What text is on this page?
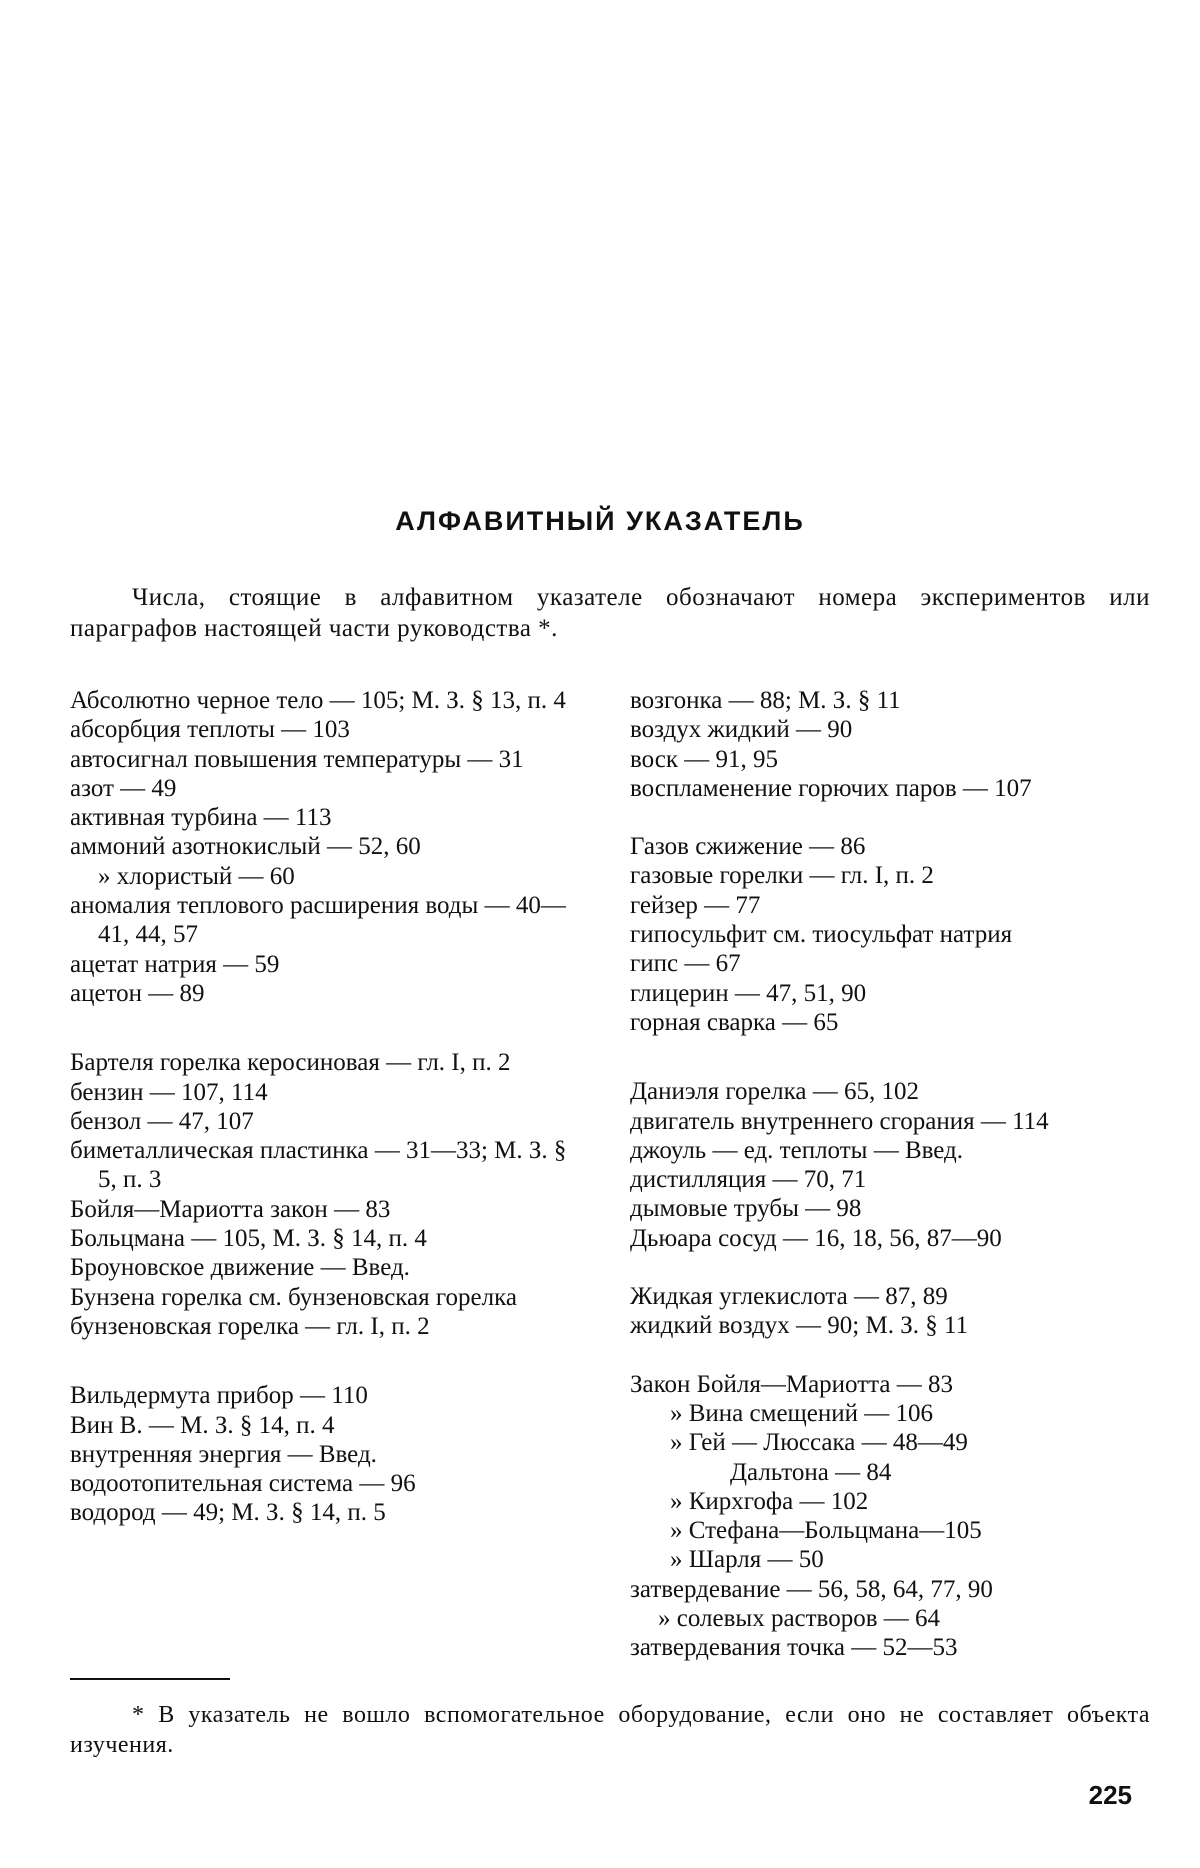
АЛФАВИТНЫЙ УКАЗАТЕЛЬ
Числа, стоящие в алфавитном указателе обозначают номера экспериментов или параграфов настоящей части руководства *.
Абсолютно черное тело — 105; М. З. § 13, п. 4
абсорбция теплоты — 103
автосигнал повышения температуры — 31
азот — 49
активная турбина — 113
аммоний азотнокислый — 52, 60
» хлористый — 60
аномалия теплового расширения воды — 40—41, 44, 57
ацетат натрия — 59
ацетон — 89
Бартеля горелка керосиновая — гл. I, п. 2
бензин — 107, 114
бензол — 47, 107
биметаллическая пластинка — 31—33; М. З. § 5, п. 3
Бойля—Мариотта закон — 83
Больцмана — 105, М. З. § 14, п. 4
Броуновское движение — Введ.
Бунзена горелка см. бунзеновская горелка
бунзеновская горелка — гл. I, п. 2
Вильдермута прибор — 110
Вин В. — М. З. § 14, п. 4
внутренняя энергия — Введ.
водоотопительная система — 96
водород — 49; М. З. § 14, п. 5
возгонка — 88; М. З. § 11
воздух жидкий — 90
воск — 91, 95
воспламенение горючих паров — 107
Газов сжижение — 86
газовые горелки — гл. I, п. 2
гейзер — 77
гипосульфит см. тиосульфат натрия
гипс — 67
глицерин — 47, 51, 90
горная сварка — 65
Даниэля горелка — 65, 102
двигатель внутреннего сгорания — 114
джоуль — ед. теплоты — Введ.
дистилляция — 70, 71
дымовые трубы — 98
Дьюара сосуд — 16, 18, 56, 87—90
Жидкая углекислота — 87, 89
жидкий воздух — 90; М. З. § 11
Закон Бойля—Мариотта — 83
» Вина смещений — 106
» Гей — Люссака — 48—49
Дальтона — 84
» Кирхгофа — 102
» Стефана—Больцмана—105
» Шарля — 50
затвердевание — 56, 58, 64, 77, 90
» солевых растворов — 64
затвердевания точка — 52—53
* В указатель не вошло вспомогательное оборудование, если оно не составляет объекта изучения.
225
